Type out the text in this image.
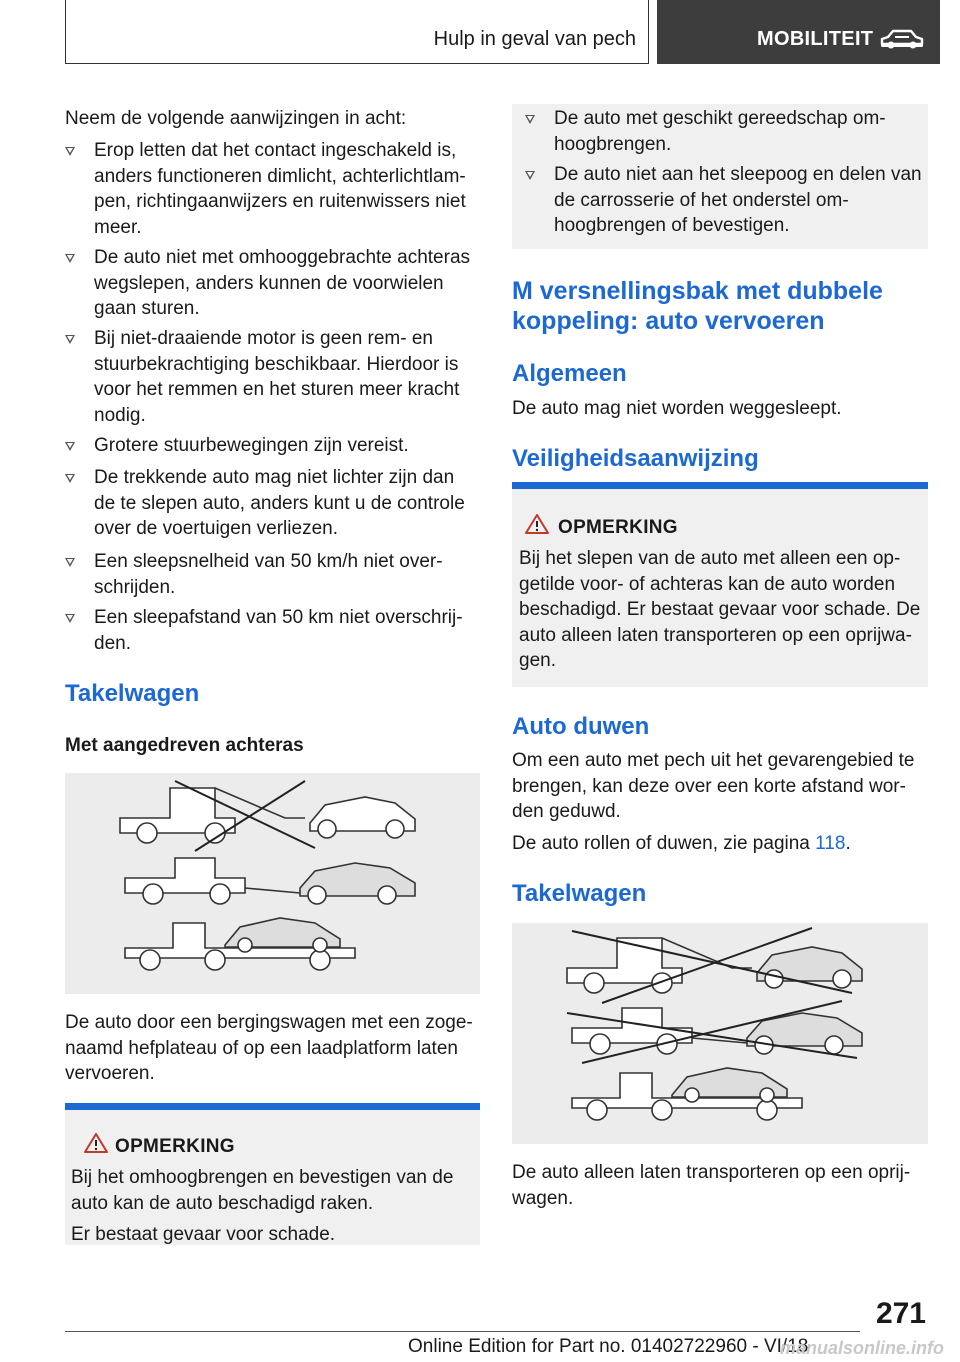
Hulp in geval van pech	MOBILITEIT
Neem de volgende aanwijzingen in acht:
Erop letten dat het contact ingeschakeld is, anders functioneren dimlicht, achterlichtlampen, richtingaanwijzers en ruitenwissers niet meer.
De auto niet met omhooggebrachte achteras wegslepen, anders kunnen de voorwielen gaan sturen.
Bij niet-draaiende motor is geen rem- en stuurbekrachtiging beschikbaar. Hierdoor is voor het remmen en het sturen meer kracht nodig.
Grotere stuurbewegingen zijn vereist.
De trekkende auto mag niet lichter zijn dan de te slepen auto, anders kunt u de controle over de voertuigen verliezen.
Een sleepsnelheid van 50 km/h niet overschrijden.
Een sleepafstand van 50 km niet overschrijden.
Takelwagen
Met aangedreven achteras
De auto door een bergingswagen met een zogenaamd hefplateau of op een laadplatform laten vervoeren.
OPMERKING
Bij het omhoogbrengen en bevestigen van de auto kan de auto beschadigd raken.
Er bestaat gevaar voor schade.
De auto met geschikt gereedschap omhoogbrengen.
De auto niet aan het sleepoog en delen van de carrosserie of het onderstel omhoogbrengen of bevestigen.
M versnellingsbak met dubbele koppeling: auto vervoeren
Algemeen
De auto mag niet worden weggesleept.
Veiligheidsaanwijzing
OPMERKING
Bij het slepen van de auto met alleen een opgetilde voor- of achteras kan de auto worden beschadigd. Er bestaat gevaar voor schade. De auto alleen laten transporteren op een oprijwagen.
Auto duwen
Om een auto met pech uit het gevarengebied te brengen, kan deze over een korte afstand worden geduwd.
De auto rollen of duwen, zie pagina 118.
Takelwagen
De auto alleen laten transporteren op een oprijwagen.
271
Online Edition for Part no. 01402722960 - VI/18
manualsonline.info
